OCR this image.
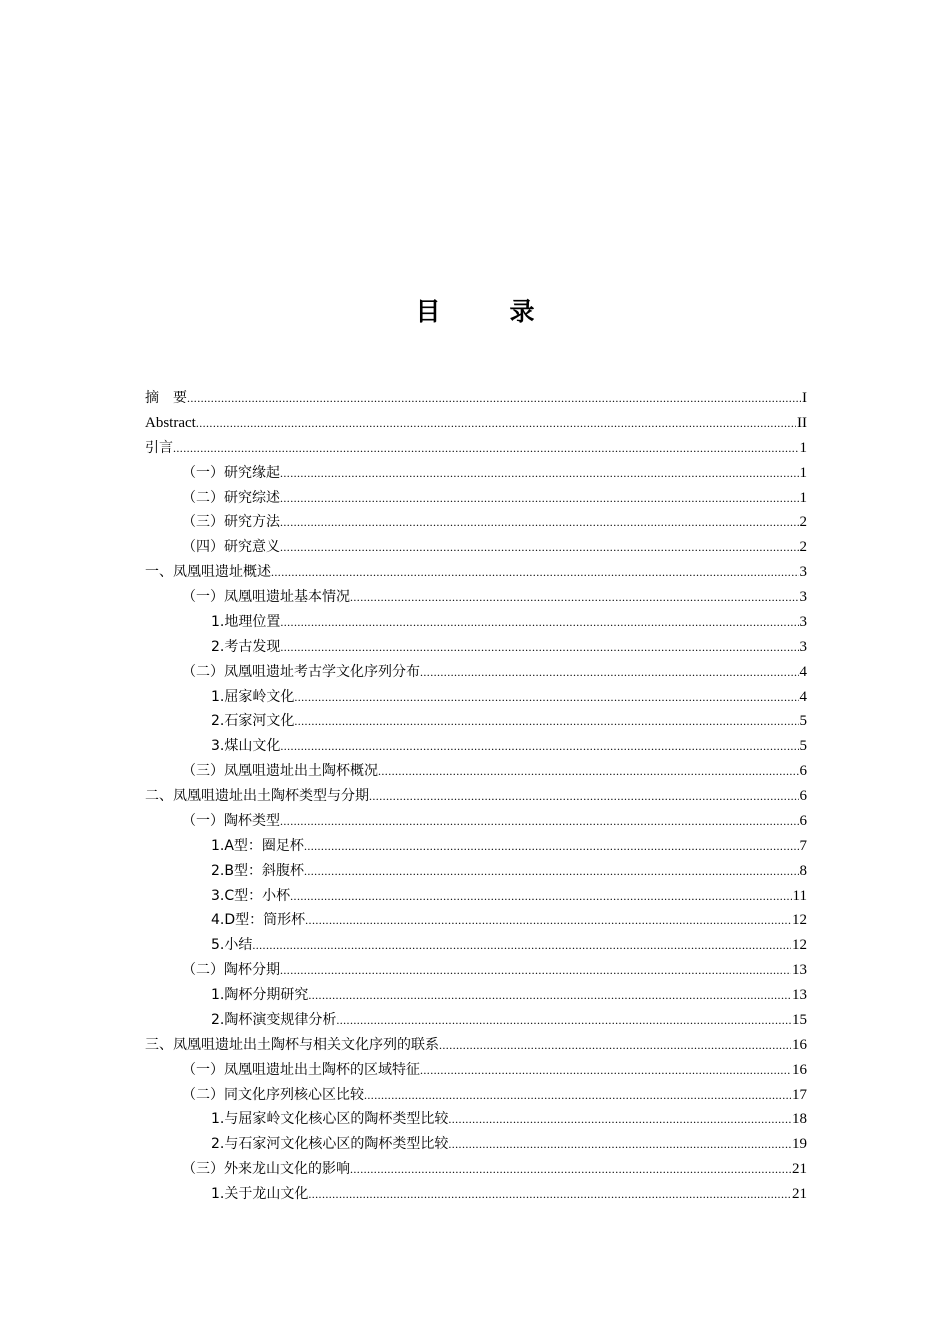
目　录
摘　要 .....	I
Abstract .....	II
引言 .....	1
（一）研究缘起 .....	1
（二）研究综述 .....	1
（三）研究方法 .....	2
（四）研究意义 .....	2
一、凤凰咀遗址概述 .....	3
（一）凤凰咀遗址基本情况 .....	3
1.地理位置 .....	3
2.考古发现 .....	3
（二）凤凰咀遗址考古学文化序列分布 .....	4
1.屈家岭文化 .....	4
2.石家河文化 .....	5
3.煤山文化 .....	5
（三）凤凰咀遗址出土陶杯概况 .....	6
二、凤凰咀遗址出土陶杯类型与分期 .....	6
（一）陶杯类型 .....	6
1.A型：圈足杯 .....	7
2.B型：斜腹杯 .....	8
3.C型：小杯 .....	11
4.D型：筒形杯 .....	12
5.小结 .....	12
（二）陶杯分期 .....	13
1.陶杯分期研究 .....	13
2.陶杯演变规律分析 .....	15
三、凤凰咀遗址出土陶杯与相关文化序列的联系 .....	16
（一）凤凰咀遗址出土陶杯的区域特征 .....	16
（二）同文化序列核心区比较 .....	17
1.与屈家岭文化核心区的陶杯类型比较 .....	18
2.与石家河文化核心区的陶杯类型比较 .....	19
（三）外来龙山文化的影响 .....	21
1.关于龙山文化 .....	21
